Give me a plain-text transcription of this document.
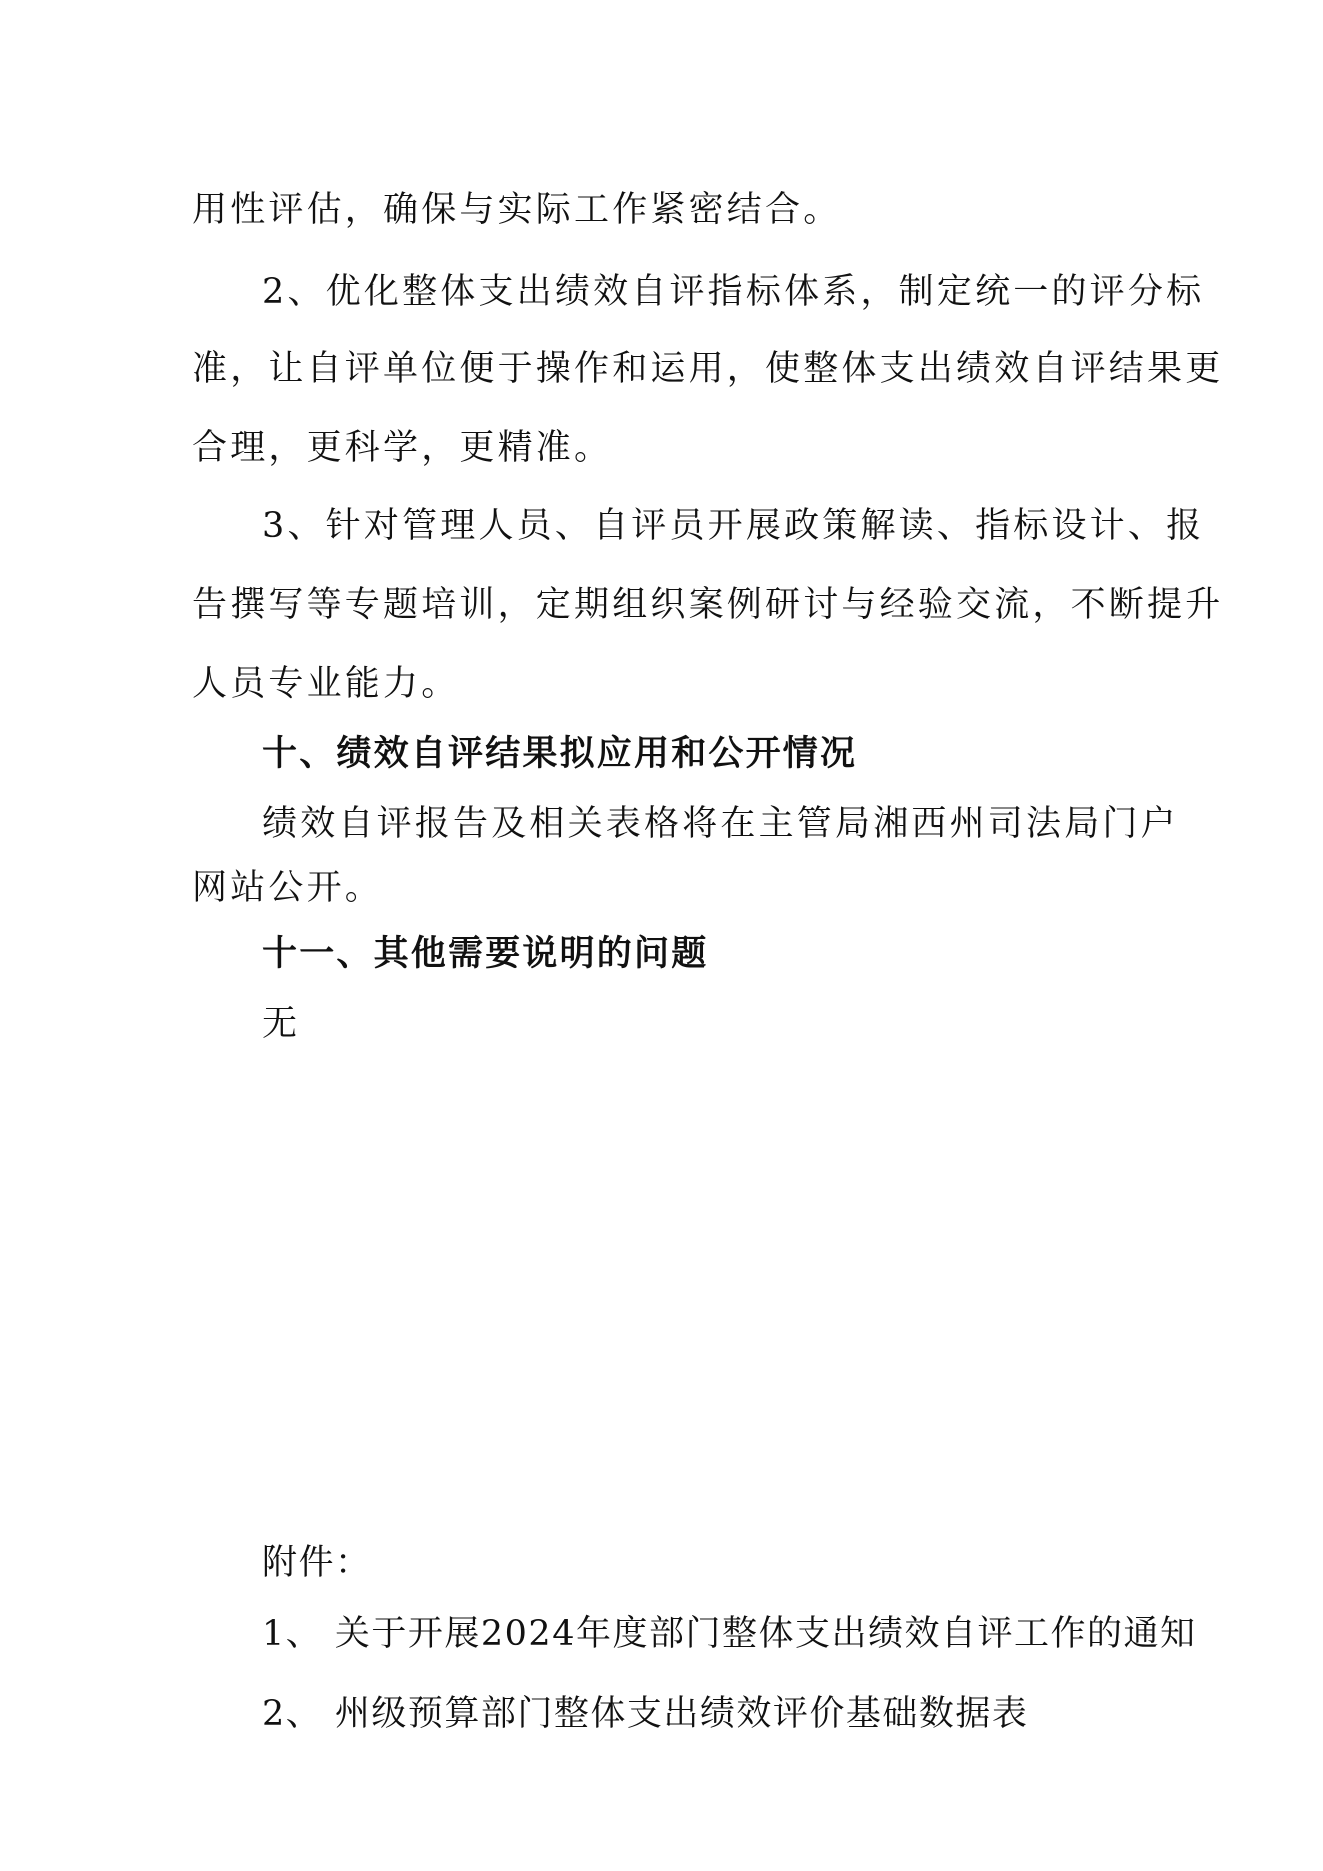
用性评估，确保与实际工作紧密结合。
2、优化整体支出绩效自评指标体系，制定统一的评分标
准，让自评单位便于操作和运用，使整体支出绩效自评结果更
合理，更科学，更精准。
3、针对管理人员、自评员开展政策解读、指标设计、报
告撰写等专题培训，定期组织案例研讨与经验交流，不断提升
人员专业能力。
十、绩效自评结果拟应用和公开情况
绩效自评报告及相关表格将在主管局湘西州司法局门户
网站公开。
十一、其他需要说明的问题
无
附件：
1、 关于开展2024年度部门整体支出绩效自评工作的通知
2、 州级预算部门整体支出绩效评价基础数据表
